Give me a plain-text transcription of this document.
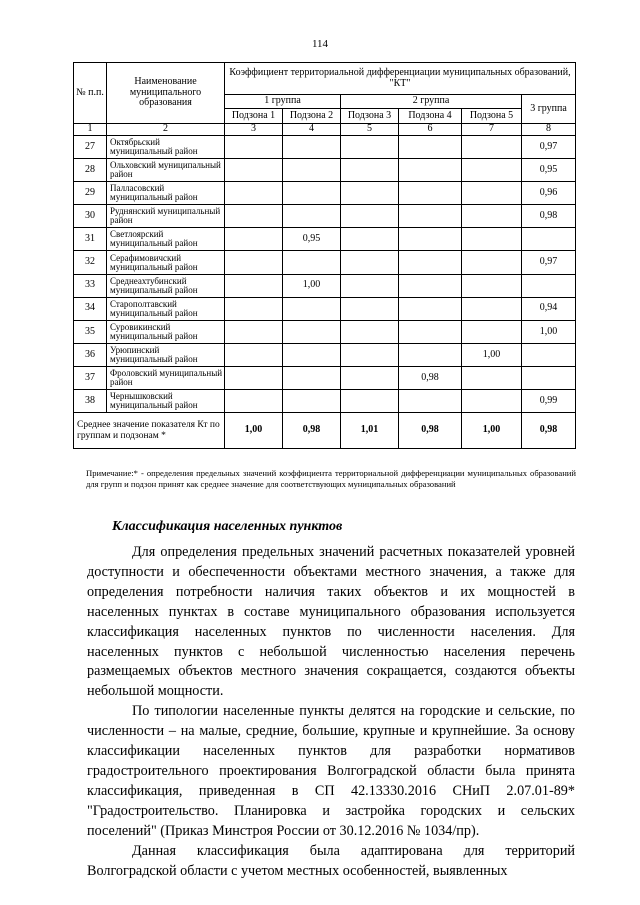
114
№ п.п.	Наименование муниципального образования	Коэффициент территориальной дифференциации муниципальных образований, "КТ"					
		1 группа		2 группа			3 группа
		Подзона 1	Подзона 2	Подзона 3	Подзона 4	Подзона 5	
1	2	3	4	5	6	7	8
27	Октябрьский муниципальный район						0,97
28	Ольховский муниципальный район						0,95
29	Палласовский муниципальный район						0,96
30	Руднянский муниципальный район						0,98
31	Светлоярский муниципальный район		0,95				
32	Серафимовичский муниципальный район						0,97
33	Среднеахтубинский муниципальный район		1,00				
34	Старополтавский муниципальный район						0,94
35	Суровикинский муниципальный район						1,00
36	Урюпинский муниципальный район					1,00	
37	Фроловский муниципальный район				0,98		
38	Чернышковский муниципальный район						0,99
Среднее значение показателя Кт по группам и подзонам *		1,00	0,98	1,01	0,98	1,00	0,98
Примечание:* - определения предельных значений коэффициента территориальной дифференциации муниципальных образований для групп и подзон принят как среднее значение для соответствующих муниципальных образований
Классификация населенных пунктов

Для определения предельных значений расчетных показателей уровней доступности и обеспеченности объектами местного значения, а также для определения потребности наличия таких объектов и их мощностей в населенных пунктах в составе муниципального образования используется классификация населенных пунктов по численности населения. Для населенных пунктов с небольшой численностью населения перечень размещаемых объектов местного значения сокращается, создаются объекты небольшой мощности.

По типологии населенные пункты делятся на городские и сельские, по численности – на малые, средние, большие, крупные и крупнейшие. За основу классификации населенных пунктов для разработки нормативов градостроительного проектирования Волгоградской области была принята классификация, приведенная в СП 42.13330.2016 СНиП 2.07.01-89* "Градостроительство. Планировка и застройка городских и сельских поселений" (Приказ Минстроя России от 30.12.2016 № 1034/пр).

Данная классификация была адаптирована для территорий Волгоградской области с учетом местных особенностей, выявленных
